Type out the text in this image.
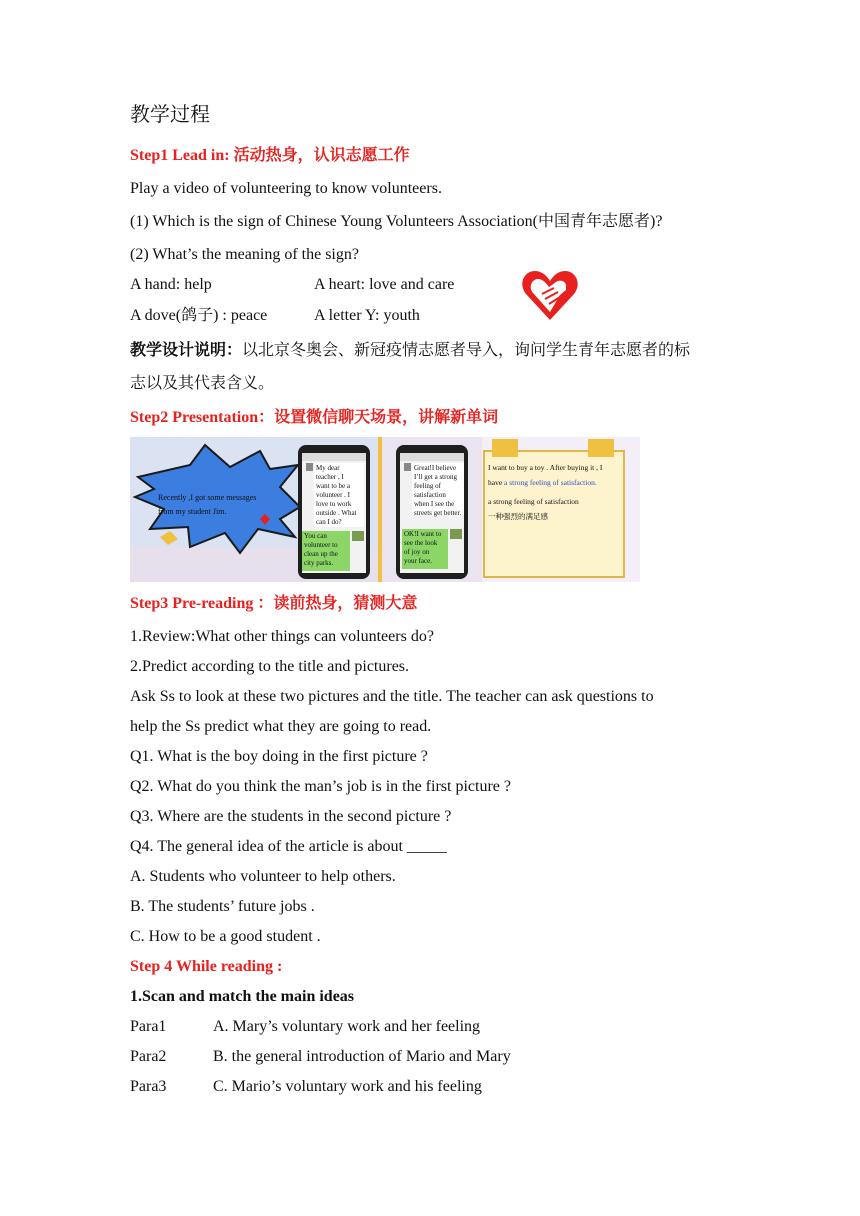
教学过程
Step1 Lead in: 活动热身，认识志愿工作
Play a video of volunteering to know volunteers.
(1) Which is the sign of Chinese Young Volunteers Association(中国青年志愿者)?
(2) What’s the meaning of the sign?
A hand: help	A heart: love and care
A dove(鸽子) : peace	A letter Y: youth
教学设计说明：以北京冬奥会、新冠疫情志愿者导入，询问学生青年志愿者的标
志以及其代表含义。
Step2 Presentation：设置微信聊天场景，讲解新单词
Recently ,I got some messages
from my student Jim.
My dear
teacher , I
want to be a
volunteer . I
love to work
outside . What
can I do?
You can
volunteer to
clean up the
city parks.
Great!I believe
I’ll get a strong
feeling of
satisfaction
when I see the
streets get better.
OK!I want to
see the look
of joy on
your face.
I want to buy a toy . After buying it , I
have a strong feeling of satisfaction.
a strong feeling of satisfaction
一种强烈的满足感
Step3 Pre-reading ：读前热身，猜测大意
1.Review:What other things can volunteers do?
2.Predict according to the title and pictures.
Ask Ss to look at these two pictures and the title. The teacher can ask questions to
help the Ss predict what they are going to read.
Q1. What is the boy doing in the first picture ?
Q2. What do you think the man’s job is in the first picture ?
Q3. Where are the students in the second picture ?
Q4. The general idea of the article is about _____
A. Students who volunteer to help others.
B. The students’ future jobs .
C. How to be a good student .
Step 4 While reading :
1.Scan and match the main ideas
Para1	A. Mary’s voluntary work and her feeling
Para2	B. the general introduction of Mario and Mary
Para3	C. Mario’s voluntary work and his feeling
